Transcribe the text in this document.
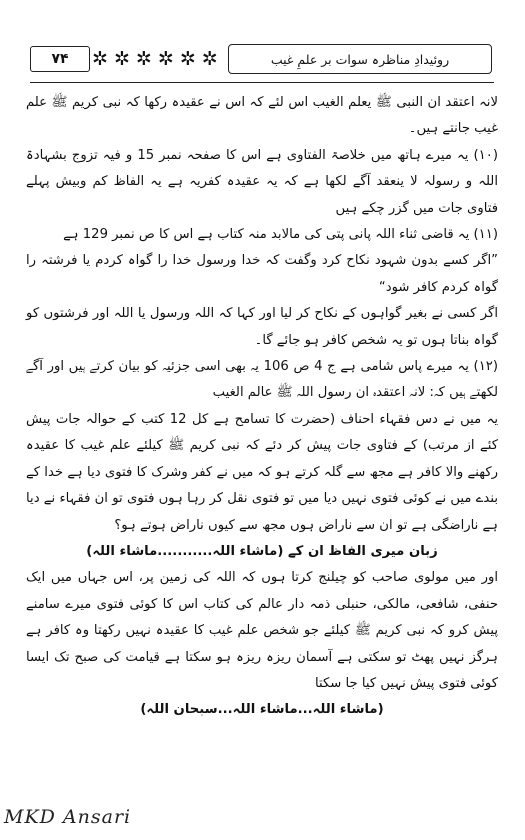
۷۴	✲ ✲ ✲ ✲ ✲ ✲	روئیدادِ مناظرہ سوات بر علمِ غیب

لانہ اعتقد ان النبی ﷺ یعلم الغیب اس لئے کہ اس نے عقیدہ رکھا کہ نبی کریم ﷺ علم غیب جانتے ہیں۔

(۱۰) یہ میرے ہاتھ میں خلاصۃ الفتاوی ہے اس کا صفحہ نمبر 15 و فیہ تزوج بشہادۃ اللہ و رسولہ لا ینعقد آگے لکھا ہے کہ یہ عقیدہ کفریہ ہے یہ الفاظ کم وبیش پہلے فتاوی جات میں گزر چکے ہیں

(۱۱) یہ قاضی ثناء اللہ پانی پتی کی مالابد منہ کتاب ہے اس کا ص نمبر 129 ہے

”اگر کسے بدون شہود نکاح کرد وگفت کہ خدا ورسول خدا را گواہ کردم یا فرشتہ را گواہ کردم کافر شود“

اگر کسی نے بغیر گواہوں کے نکاح کر لیا اور کہا کہ اللہ ورسول یا اللہ اور فرشتوں کو گواہ بناتا ہوں تو یہ شخص کافر ہو جائے گا۔

(۱۲) یہ میرے پاس شامی ہے ج 4 ص 106 یہ بھی اسی جزئیہ کو بیان کرتے ہیں اور آگے لکھتے ہیں کہ: لانہ اعتقدہ ان رسول اللہ ﷺ عالم الغیب

یہ میں نے دس فقہاء احناف (حضرت کا تسامح ہے کل 12 کتب کے حوالہ جات پیش کئے از مرتب) کے فتاوی جات پیش کر دئے کہ نبی کریم ﷺ کیلئے علم غیب کا عقیدہ رکھنے والا کافر ہے مجھ سے گلہ کرتے ہو کہ میں نے کفر وشرک کا فتوی دیا ہے خدا کے بندے میں نے کوئی فتوی نہیں دیا میں تو فتوی نقل کر رہا ہوں فتوی تو ان فقہاء نے دیا ہے ناراضگی ہے تو ان سے ناراض ہوں مجھ سے کیوں ناراض ہوتے ہو؟

زبان میری الفاظ ان کے (ماشاء اللہ...........ماشاء اللہ)

اور میں مولوی صاحب کو چیلنج کرتا ہوں کہ اللہ کی زمین پر، اس جہاں میں ایک حنفی، شافعی، مالکی، حنبلی ذمہ دار عالم کی کتاب اس کا کوئی فتوی میرے سامنے پیش کرو کہ نبی کریم ﷺ کیلئے جو شخص علم غیب کا عقیدہ نہیں رکھتا وہ کافر ہے ہرگز نہیں پھٹ تو سکتی ہے آسمان ریزہ ریزہ ہو سکتا ہے قیامت کی صبح تک ایسا کوئی فتوی پیش نہیں کیا جا سکتا

(ماشاء اللہ...ماشاء اللہ...سبحان اللہ)

MKD Ansari
